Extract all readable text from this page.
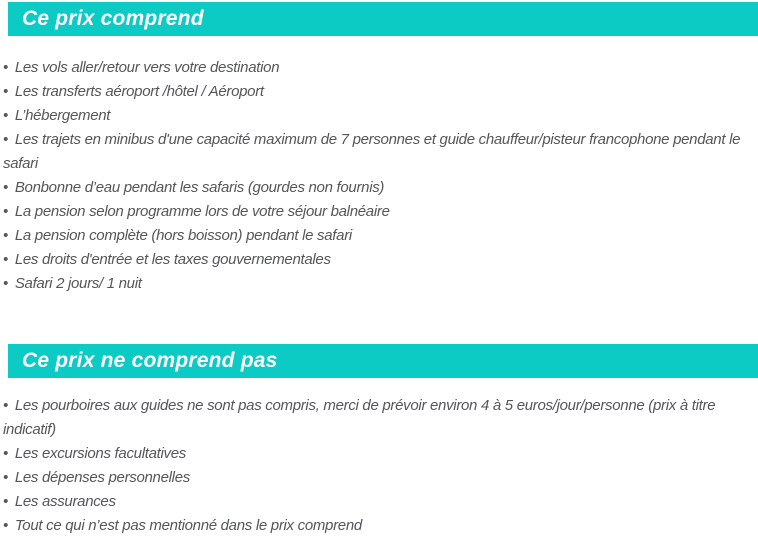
Ce prix comprend

• Les vols aller/retour vers votre destination

• Les transferts aéroport /hôtel / Aéroport

• L’hébergement

• Les trajets en minibus d'une capacité maximum de 7 personnes et guide chauffeur/pisteur francophone pendant le safari

• Bonbonne d’eau pendant les safaris (gourdes non fournis)

• La pension selon programme lors de votre séjour balnéaire

• La pension complète (hors boisson) pendant le safari

• Les droits d'entrée et les taxes gouvernementales

• Safari 2 jours/ 1 nuit

Ce prix ne comprend pas

• Les pourboires aux guides ne sont pas compris, merci de prévoir environ 4 à 5 euros/jour/personne (prix à titre indicatif)

• Les excursions facultatives

• Les dépenses personnelles

• Les assurances

• Tout ce qui n’est pas mentionné dans le prix comprend
